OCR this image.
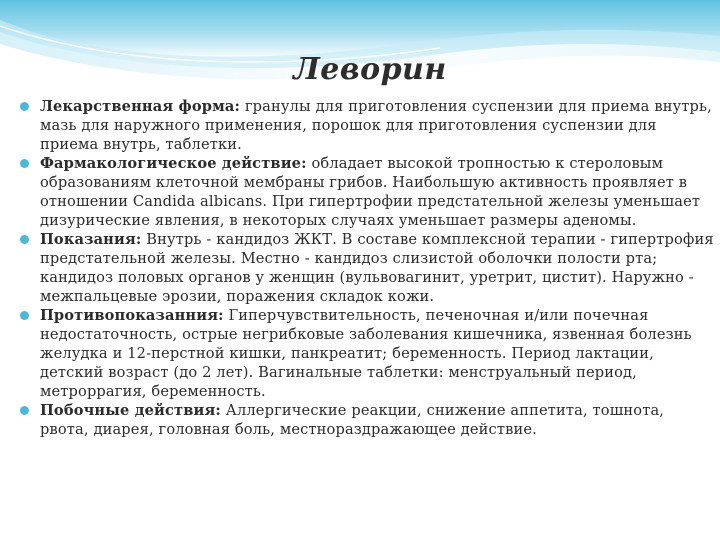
Леворин
Лекарственная форма: гранулы для приготовления суспензии для приема внутрь, мазь для наружного применения, порошок для приготовления суспензии для приема внутрь, таблетки.
Фармакологическое действие: обладает высокой тропностью к стероловым образованиям клеточной мембраны грибов. Наибольшую активность проявляет в отношении Candida albicans. При гипертрофии предстательной железы уменьшает дизурические явления, в некоторых случаях уменьшает размеры аденомы.
Показания: Внутрь - кандидоз ЖКТ. В составе комплексной терапии - гипертрофия предстательной железы. Местно - кандидоз слизистой оболочки полости рта; кандидоз половых органов у женщин (вульвовагинит, уретрит, цистит). Наружно - межпальцевые эрозии, поражения складок кожи.
Противопоказанния: Гиперчувствительность, печеночная и/или почечная недостаточность, острые негрибковые заболевания кишечника, язвенная болезнь желудка и 12-перстной кишки, панкреатит; беременность. Период лактации, детский возраст (до 2 лет). Вагинальные таблетки: менструальный период, метроррагия, беременность.
Побочные действия: Аллергические реакции, снижение аппетита, тошнота, рвота, диарея, головная боль, местнораздражающее действие.
